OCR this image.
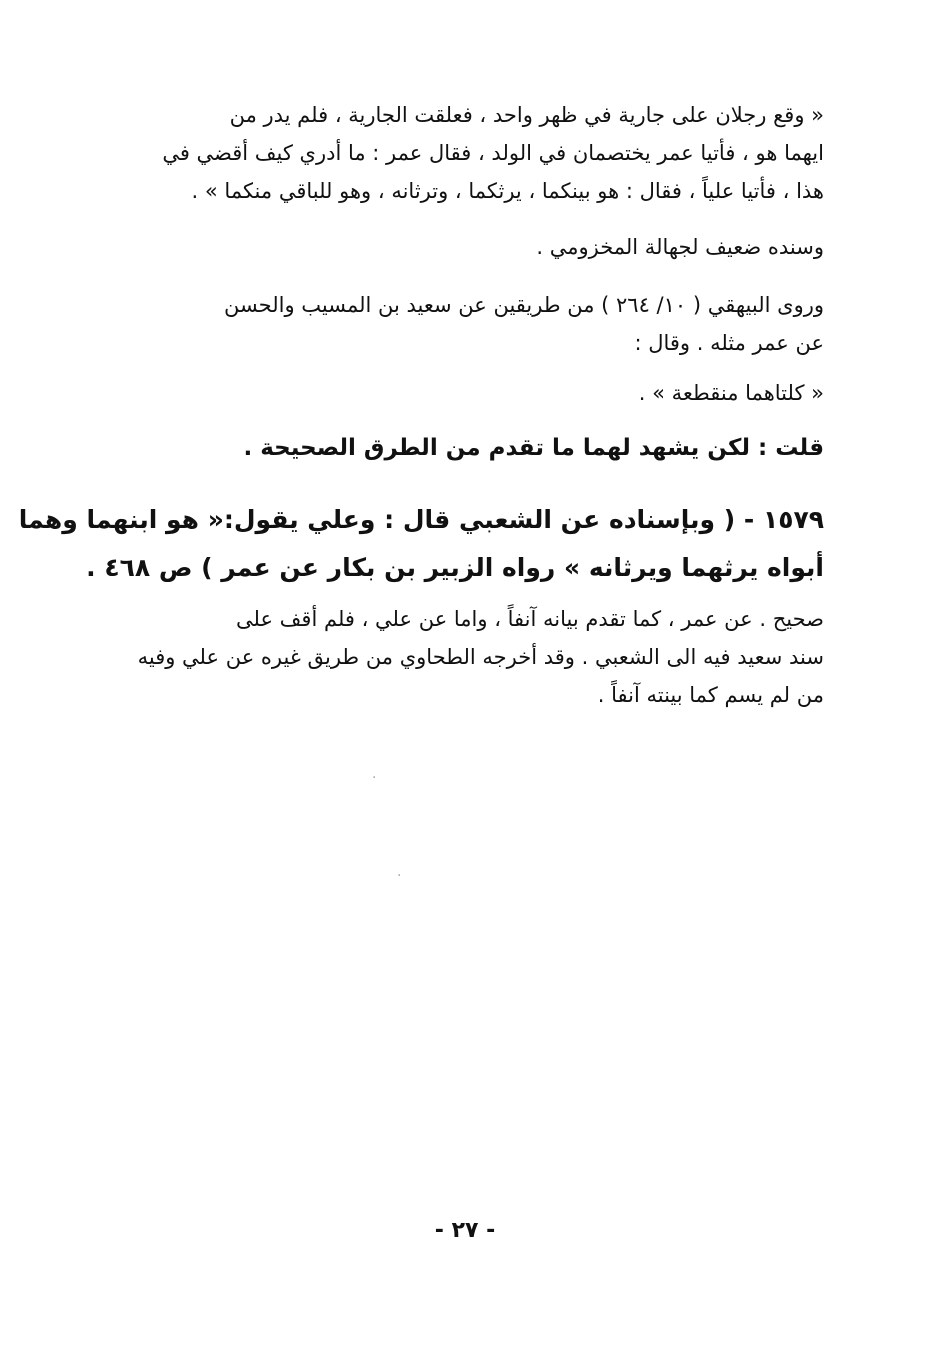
« وقع رجلان على جارية في ظهر واحد ، فعلقت الجارية ، فلم يدر من
ايهما هو ، فأتيا عمر يختصمان في الولد ، فقال عمر : ما أدري كيف أقضي في
هذا ، فأتيا علياً ، فقال : هو بينكما ، يرثكما ، وترثانه ، وهو للباقي منكما » .
وسنده ضعيف لجهالة المخزومي .
وروى البيهقي ( ١٠/ ٢٦٤ ) من طريقين عن سعيد بن المسيب والحسن
عن عمر مثله . وقال :
« كلتاهما منقطعة » .
قلت : لكن يشهد لهما ما تقدم من الطرق الصحيحة .
١٥٧٩ - ( وبإسناده عن الشعبي قال : وعلي يقول:« هو ابنهما وهما
أبواه يرثهما ويرثانه » رواه الزبير بن بكار عن عمر ) ص ٤٦٨ .
صحيح . عن عمر ، كما تقدم بيانه آنفاً ، واما عن علي ، فلم أقف على
سند سعيد فيه الى الشعبي . وقد أخرجه الطحاوي من طريق غيره عن علي وفيه
من لم يسم كما بينته آنفاً .
- ٢٧ -
·
·
